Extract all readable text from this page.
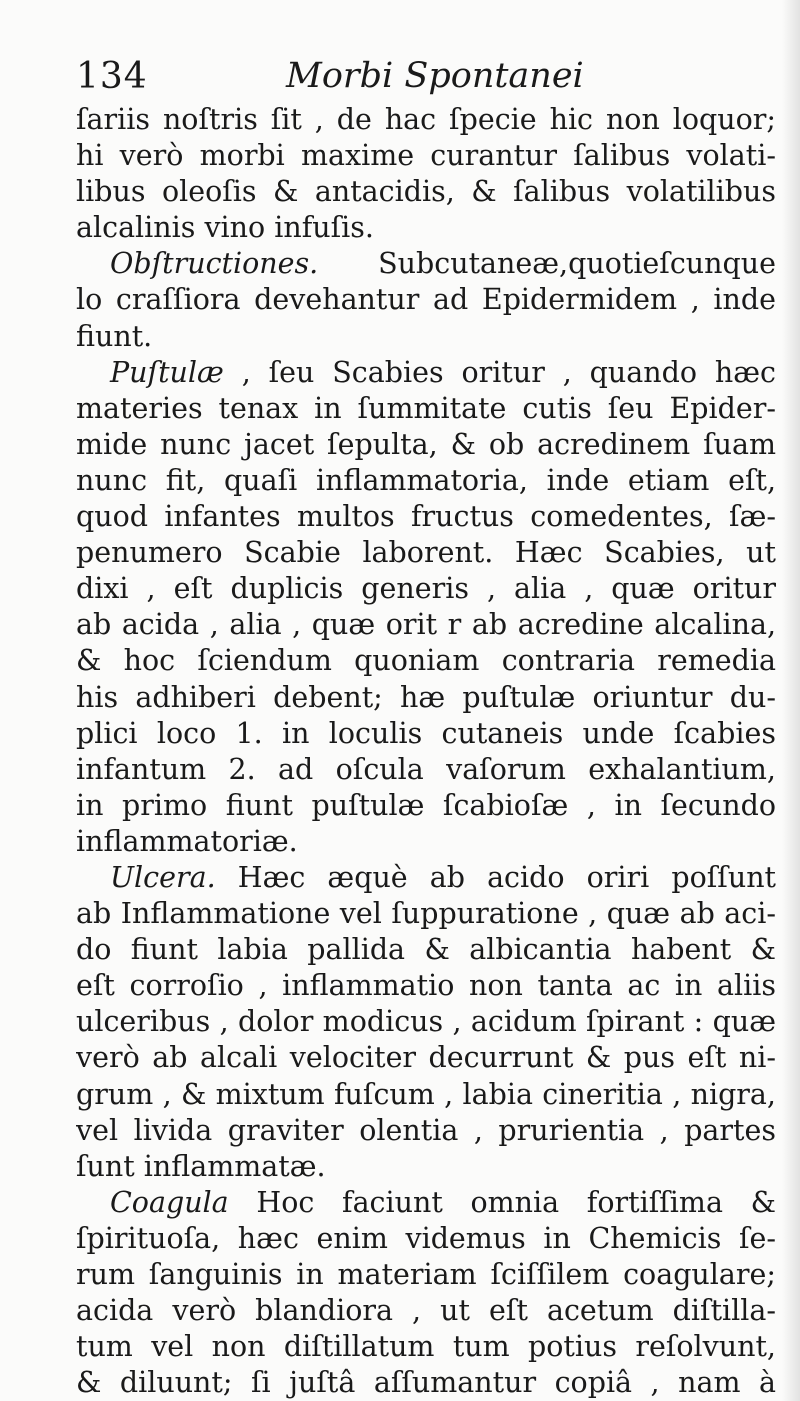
134	Morbi Spontanei
ſariis noſtris ſit , de hac ſpecie hic non loquor;
hi verò morbi maxime curantur ſalibus volati-
libus oleoſis & antacidis, & ſalibus volatilibus
alcalinis vino infuſis.
Obſtructiones. Subcutaneæ,quotieſcunque
lo craſſiora devehantur ad Epidermidem , inde
fiunt.
Puſtulæ , ſeu Scabies oritur , quando hæc
materies tenax in ſummitate cutis ſeu Epider-
mide nunc jacet ſepulta, & ob acredinem ſuam
nunc fit, quaſi inflammatoria, inde etiam eſt,
quod infantes multos fructus comedentes, ſæ-
penumero Scabie laborent. Hæc Scabies, ut
dixi , eſt duplicis generis , alia , quæ oritur
ab acida , alia , quæ orit r ab acredine alcalina,
& hoc ſciendum quoniam contraria remedia
his adhiberi debent; hæ puſtulæ oriuntur du-
plici loco 1. in loculis cutaneis unde ſcabies
infantum 2. ad oſcula vaſorum exhalantium,
in primo fiunt puſtulæ ſcabioſæ , in ſecundo
inflammatoriæ.
Ulcera. Hæc æquè ab acido oriri poſſunt
ab Inflammatione vel ſuppuratione , quæ ab aci-
do fiunt labia pallida & albicantia habent &
eſt corroſio , inflammatio non tanta ac in aliis
ulceribus , dolor modicus , acidum ſpirant : quæ
verò ab alcali velociter decurrunt & pus eſt ni-
grum , & mixtum fuſcum , labia cineritia , nigra,
vel livida graviter olentia , prurientia , partes
ſunt inflammatæ.
Coagula Hoc faciunt omnia fortiſſima &
ſpirituoſa, hæc enim videmus in Chemicis ſe-
rum ſanguinis in materiam ſciſſilem coagulare;
acida verò blandiora , ut eſt acetum diſtilla-
tum vel non diſtillatum tum potius reſolvunt,
& diluunt; ſi juſtâ aſſumantur copiâ , nam à
